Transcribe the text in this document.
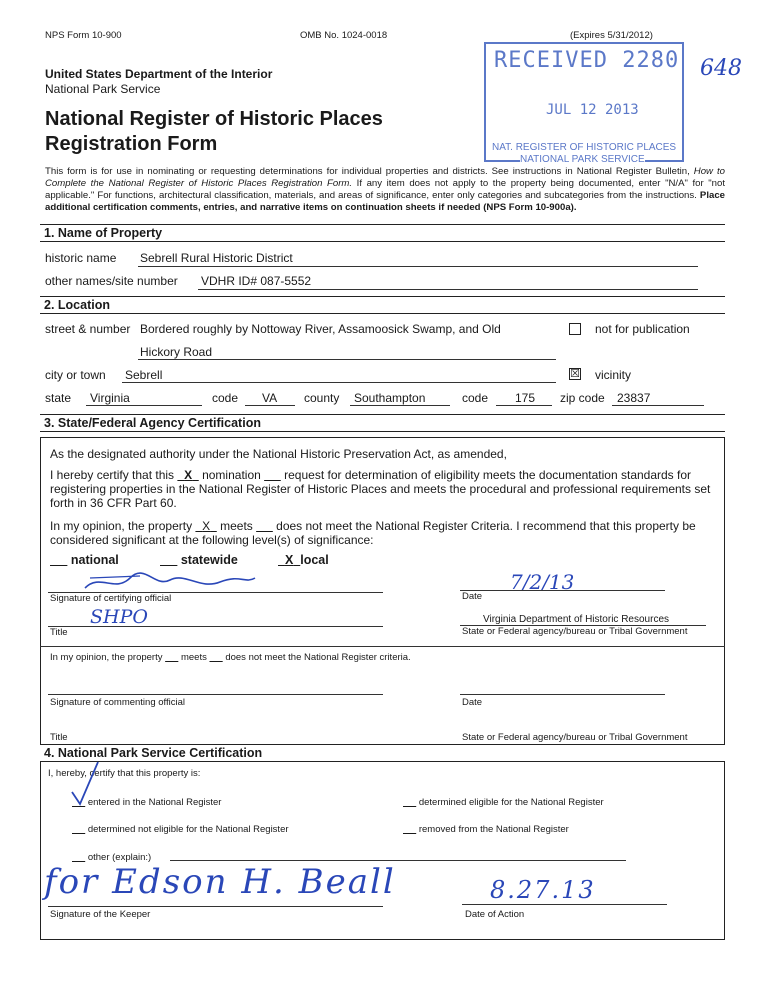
NPS Form 10-900	OMB No. 1024-0018	(Expires 5/31/2012)
RECEIVED 2280
JUL 12 2013
NAT. REGISTER OF HISTORIC PLACES
NATIONAL PARK SERVICE
648
United States Department of the Interior
National Park Service
National Register of Historic Places
Registration Form
This form is for use in nominating or requesting determinations for individual properties and districts. See instructions in National Register Bulletin, How to Complete the National Register of Historic Places Registration Form. If any item does not apply to the property being documented, enter "N/A" for "not applicable." For functions, architectural classification, materials, and areas of significance, enter only categories and subcategories from the instructions. Place additional certification comments, entries, and narrative items on continuation sheets if needed (NPS Form 10-900a).
1. Name of Property
historic name Sebrell Rural Historic District
other names/site number VDHR ID# 087-5552
2. Location
street & number Bordered roughly by Nottoway River, Assamoosick Swamp, and Old	not for publication
Hickory Road
city or town Sebrell	☒ vicinity
state Virginia	code VA county Southampton	code 175 zip code 23837
3. State/Federal Agency Certification
As the designated authority under the National Historic Preservation Act, as amended,
I hereby certify that this   X   nomination       request for determination of eligibility meets the documentation standards for registering properties in the National Register of Historic Places and meets the procedural and professional requirements set forth in 36 CFR Part 60.
In my opinion, the property   X   meets       does not meet the National Register Criteria. I recommend that this property be considered significant at the following level(s) of significance:
national	statewide	X local
Signature of certifying official
7/2/13
Date
SHPO
Title
Virginia Department of Historic Resources
State or Federal agency/bureau or Tribal Government
In my opinion, the property       meets       does not meet the National Register criteria.
Signature of commenting official	Date
Title	State or Federal agency/bureau or Tribal Government
4. National Park Service Certification
I, hereby, certify that this property is:
entered in the National Register	determined eligible for the National Register
determined not eligible for the National Register	removed from the National Register
other (explain:)
for Edson H. Beall
Signature of the Keeper
8.27.13
Date of Action
